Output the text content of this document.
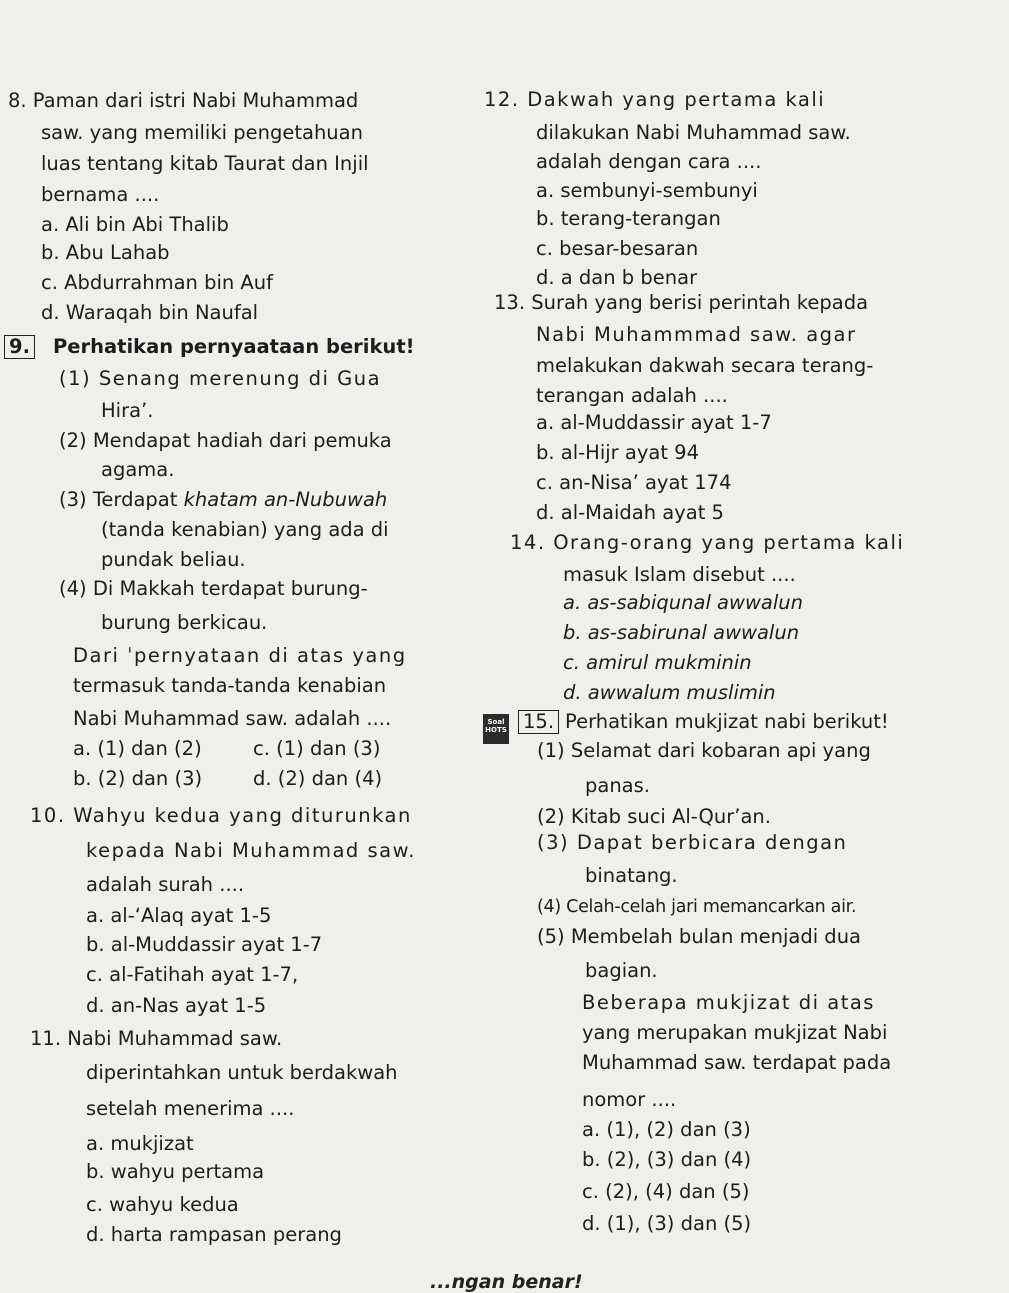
8. Paman dari istri Nabi Muhammad
saw. yang memiliki pengetahuan
luas tentang kitab Taurat dan Injil
bernama ....
a. Ali bin Abi Thalib
b. Abu Lahab
c. Abdurrahman bin Auf
d. Waraqah bin Naufal
9. Perhatikan pernyaataan berikut!
(1) Senang merenung di Gua
Hira’.
(2) Mendapat hadiah dari pemuka
agama.
(3) Terdapat khatam an-Nubuwah
(tanda kenabian) yang ada di
pundak beliau.
(4) Di Makkah terdapat burung-
burung berkicau.
Dari ˈpernyataan di atas yang
termasuk tanda-tanda kenabian
Nabi Muhammad saw. adalah ....
a. (1) dan (2)	c. (1) dan (3)
b. (2) dan (3)	d. (2) dan (4)
10. Wahyu kedua yang diturunkan
kepada Nabi Muhammad saw.
adalah surah ....
a. al-‘Alaq ayat 1-5
b. al-Muddassir ayat 1-7
c. al-Fatihah ayat 1-7,
d. an-Nas ayat 1-5
11. Nabi Muhammad saw.
diperintahkan untuk berdakwah
setelah menerima ....
a. mukjizat
b. wahyu pertama
c. wahyu kedua
d. harta rampasan perang
12. Dakwah yang pertama kali
dilakukan Nabi Muhammad saw.
adalah dengan cara ....
a. sembunyi-sembunyi
b. terang-terangan
c. besar-besaran
d. a dan b benar
13. Surah yang berisi perintah kepada
Nabi Muhammmad saw. agar
melakukan dakwah secara terang-
terangan adalah ....
a. al-Muddassir ayat 1-7
b. al-Hijr ayat 94
c. an-Nisa’ ayat 174
d. al-Maidah ayat 5
14. Orang-orang yang pertama kali
masuk Islam disebut ....
a. as-sabiqunal awwalun
b. as-sabirunal awwalun
c. amirul mukminin
d. awwalum muslimin
15. Perhatikan mukjizat nabi berikut!
(1) Selamat dari kobaran api yang
panas.
(2) Kitab suci Al-Qur’an.
(3) Dapat berbicara dengan
binatang.
(4) Celah-celah jari memancarkan air.
(5) Membelah bulan menjadi dua
bagian.
Beberapa mukjizat di atas
yang merupakan mukjizat Nabi
Muhammad saw. terdapat pada
nomor ....
a. (1), (2) dan (3)
b. (2), (3) dan (4)
c. (2), (4) dan (5)
d. (1), (3) dan (5)
Soal HOTS
...ngan benar!
